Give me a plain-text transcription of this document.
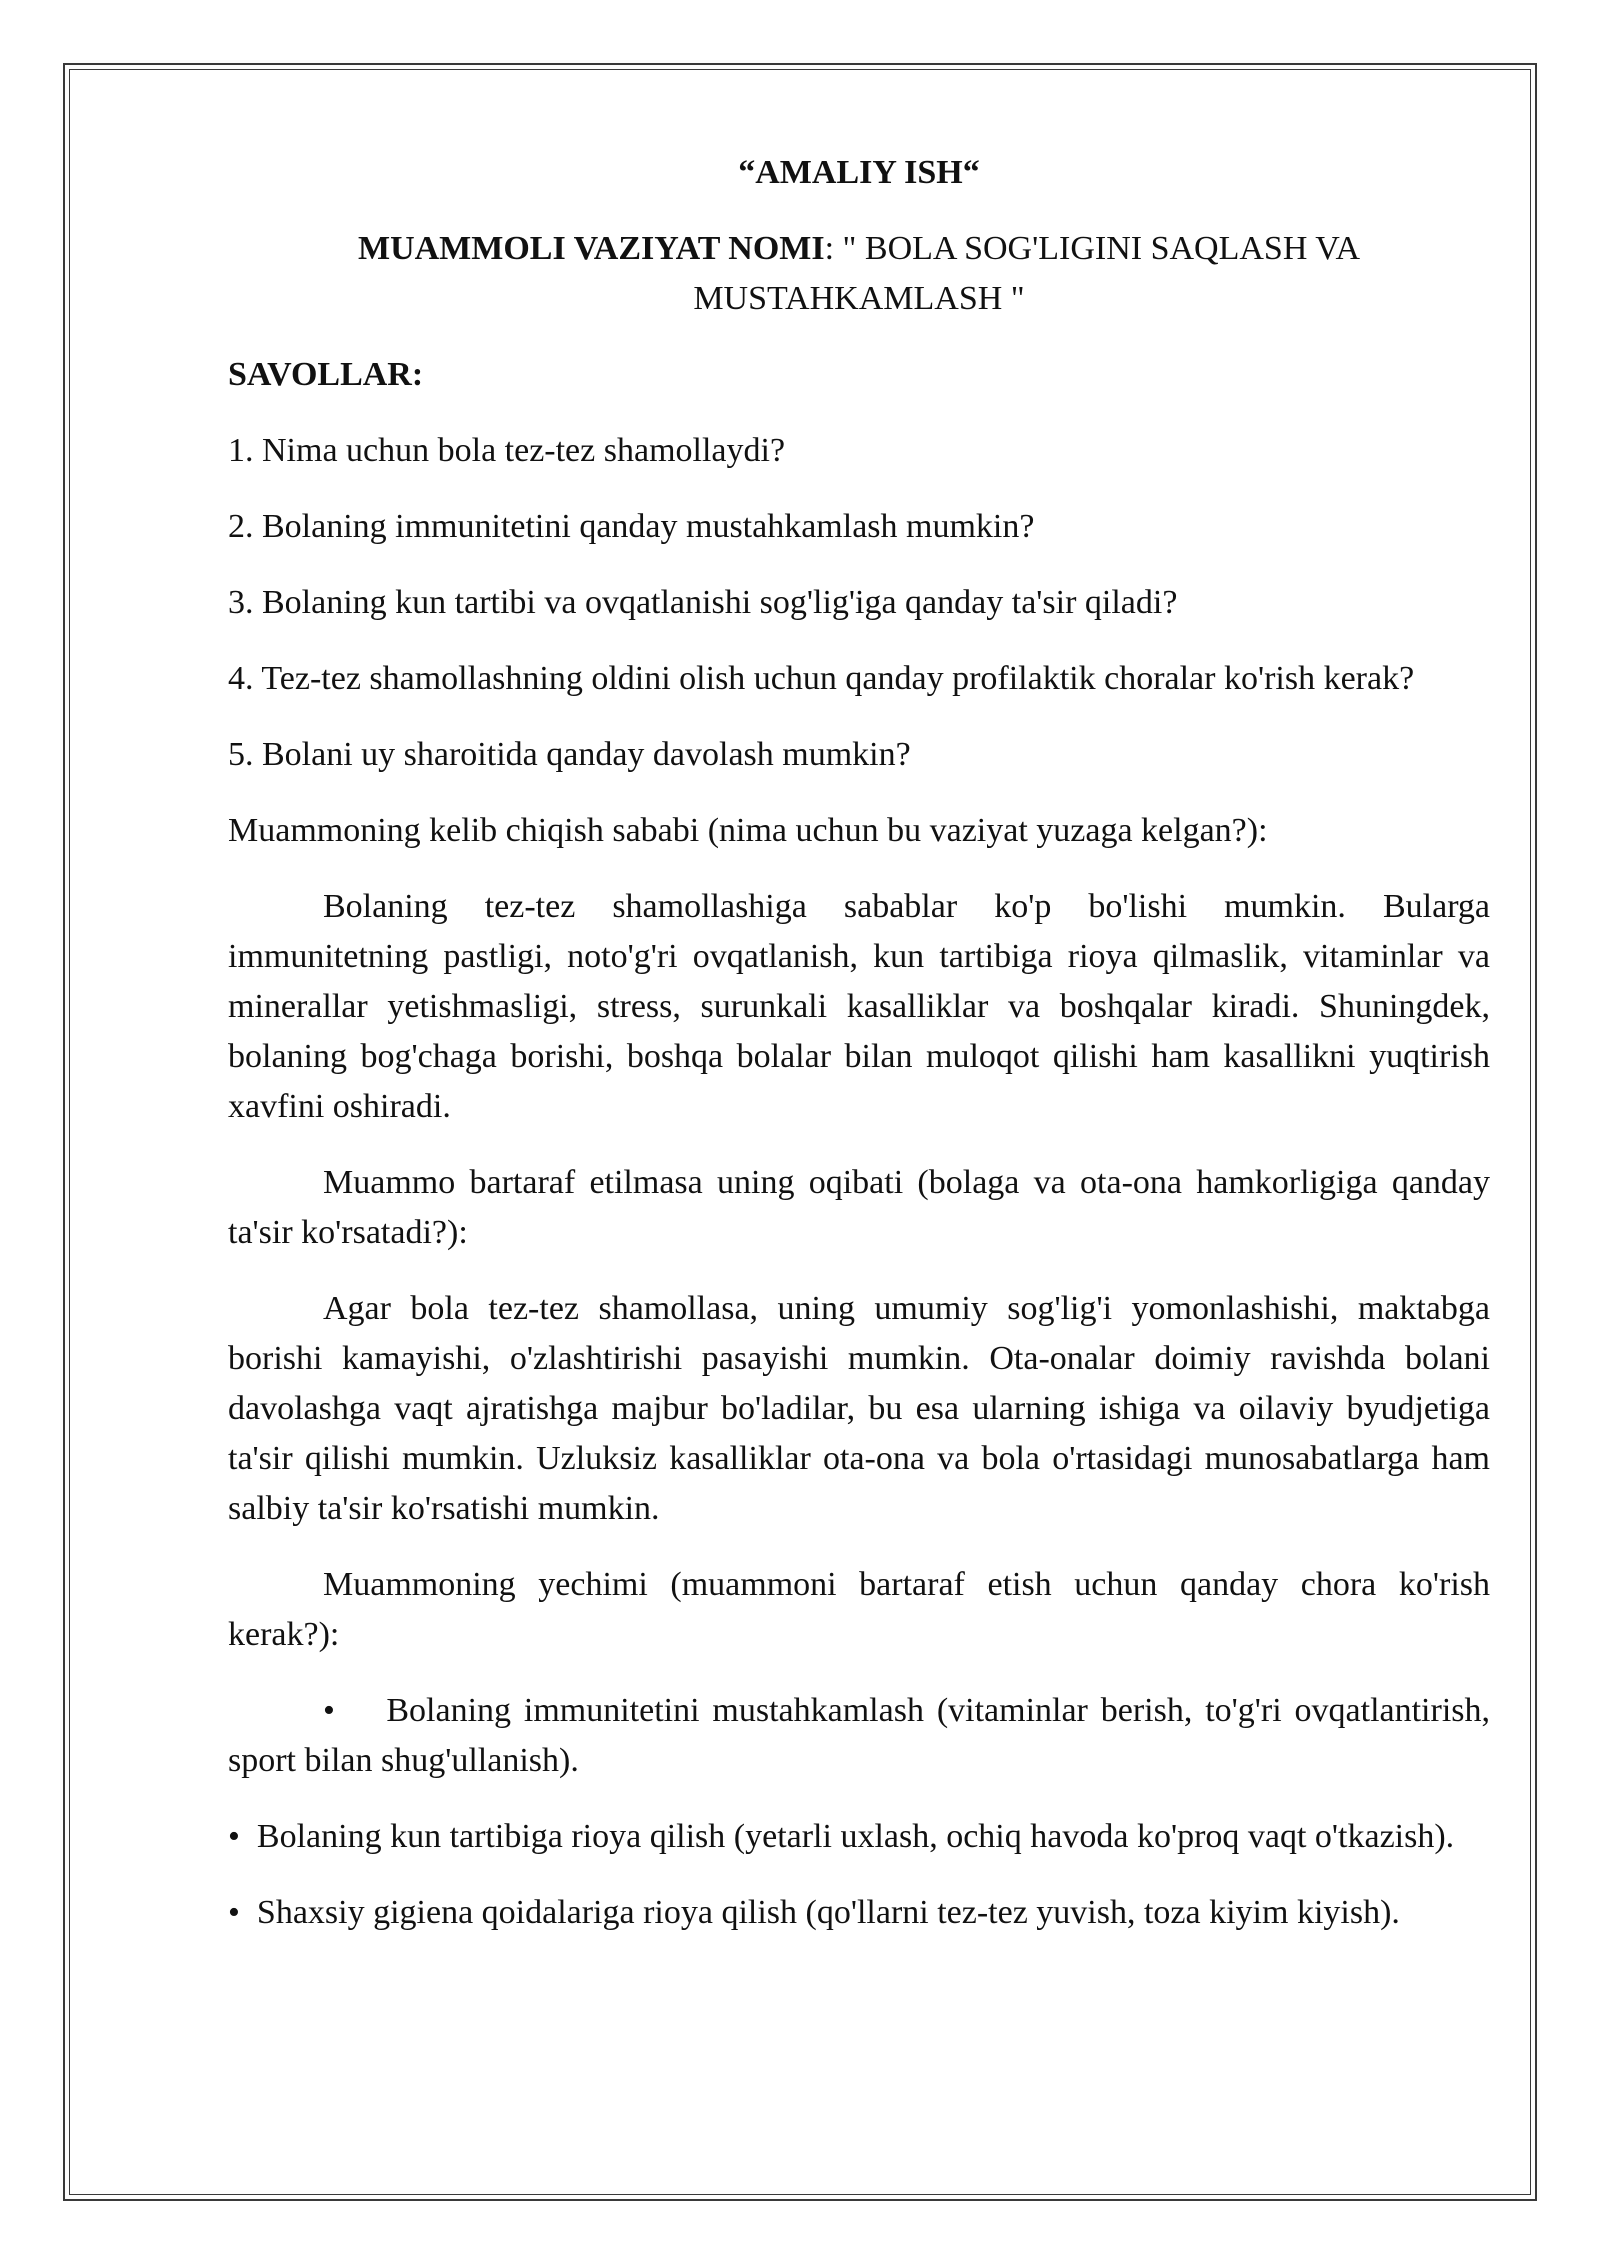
“AMALIY ISH“

MUAMMOLI VAZIYAT NOMI: " BOLA SOG'LIGINI SAQLASH VA MUSTAHKAMLASH "

SAVOLLAR:

1. Nima uchun bola tez-tez shamollaydi?

2. Bolaning immunitetini qanday mustahkamlash mumkin?

3. Bolaning kun tartibi va ovqatlanishi sog'lig'iga qanday ta'sir qiladi?

4. Tez-tez shamollashning oldini olish uchun qanday profilaktik choralar ko'rish kerak?

5. Bolani uy sharoitida qanday davolash mumkin?

Muammoning kelib chiqish sababi (nima uchun bu vaziyat yuzaga kelgan?):

Bolaning tez-tez shamollashiga sabablar ko'p bo'lishi mumkin. Bularga immunitetning pastligi, noto'g'ri ovqatlanish, kun tartibiga rioya qilmaslik, vitaminlar va minerallar yetishmasligi, stress, surunkali kasalliklar va boshqalar kiradi. Shuningdek, bolaning bog'chaga borishi, boshqa bolalar bilan muloqot qilishi ham kasallikni yuqtirish xavfini oshiradi.

Muammo bartaraf etilmasa uning oqibati (bolaga va ota-ona hamkorligiga qanday ta'sir ko'rsatadi?):

Agar bola tez-tez shamollasa, uning umumiy sog'lig'i yomonlashishi, maktabga borishi kamayishi, o'zlashtirishi pasayishi mumkin. Ota-onalar doimiy ravishda bolani davolashga vaqt ajratishga majbur bo'ladilar, bu esa ularning ishiga va oilaviy byudjetiga ta'sir qilishi mumkin. Uzluksiz kasalliklar ota-ona va bola o'rtasidagi munosabatlarga ham salbiy ta'sir ko'rsatishi mumkin.

Muammoning yechimi (muammoni bartaraf etish uchun qanday chora ko'rish kerak?):

• Bolaning immunitetini mustahkamlash (vitaminlar berish, to'g'ri ovqatlantirish, sport bilan shug'ullanish).

• Bolaning kun tartibiga rioya qilish (yetarli uxlash, ochiq havoda ko'proq vaqt o'tkazish).

• Shaxsiy gigiena qoidalariga rioya qilish (qo'llarni tez-tez yuvish, toza kiyim kiyish).
